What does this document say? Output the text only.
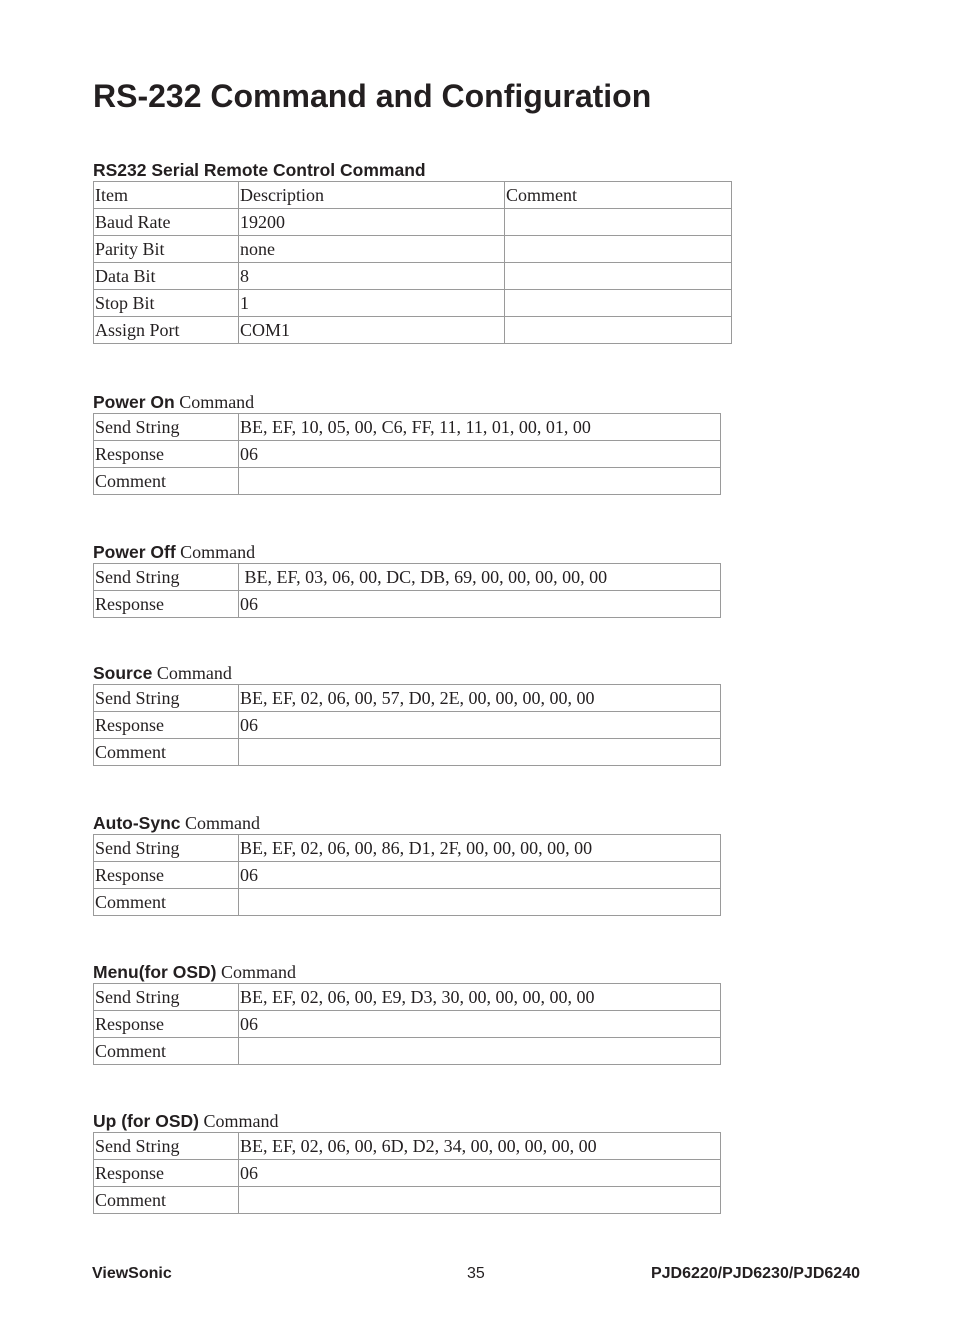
RS-232 Command and Configuration
RS232 Serial Remote Control Command
Item	Description	Comment
Baud Rate	19200	
Parity Bit	none	
Data Bit	8	
Stop Bit	1	
Assign Port	COM1	
Power On Command
Send String	BE, EF, 10, 05, 00, C6, FF, 11, 11, 01, 00, 01, 00
Response	06
Comment	
Power Off Command
Send String	BE, EF, 03, 06, 00, DC, DB, 69, 00, 00, 00, 00, 00
Response	06
Source Command
Send String	BE, EF, 02, 06, 00, 57, D0, 2E, 00, 00, 00, 00, 00
Response	06
Comment	
Auto-Sync Command
Send String	BE, EF, 02, 06, 00, 86, D1, 2F, 00, 00, 00, 00, 00
Response	06
Comment	
Menu(for OSD) Command
Send String	BE, EF, 02, 06, 00, E9, D3, 30, 00, 00, 00, 00, 00
Response	06
Comment	
Up (for OSD) Command
Send String	BE, EF, 02, 06, 00, 6D, D2, 34, 00, 00, 00, 00, 00
Response	06
Comment	
ViewSonic	35	PJD6220/PJD6230/PJD6240
